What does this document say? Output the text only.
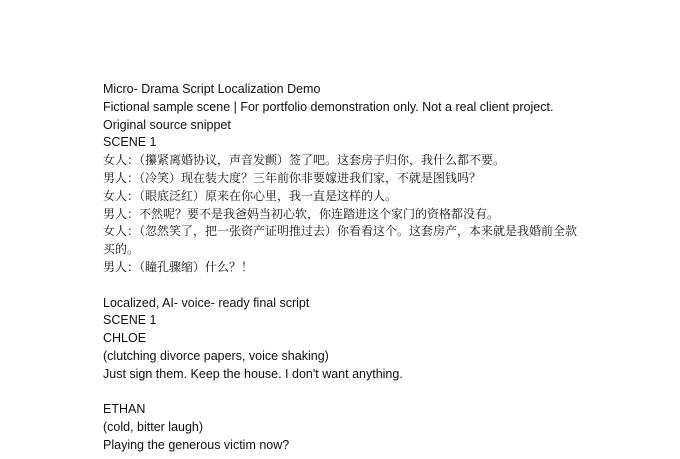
Micro- Drama Script Localization Demo
Fictional sample scene | For portfolio demonstration only. Not a real client project.
Original source snippet
SCENE 1
女人：（攥紧离婚协议，声音发颤）签了吧。这套房子归你，我什么都不要。
男人：（冷笑）现在装大度？三年前你非要嫁进我们家，不就是图钱吗？
女人：（眼底泛红）原来在你心里，我一直是这样的人。
男人：不然呢？要不是我爸妈当初心软，你连踏进这个家门的资格都没有。
女人：（忽然笑了，把一张资产证明推过去）你看看这个。这套房产，本来就是我婚前全款买的。
男人：（瞳孔骤缩）什么？！
Localized, AI- voice- ready final script
SCENE 1
CHLOE
(clutching divorce papers, voice shaking)
Just sign them. Keep the house. I don't want anything.
ETHAN
(cold, bitter laugh)
Playing the generous victim now?
